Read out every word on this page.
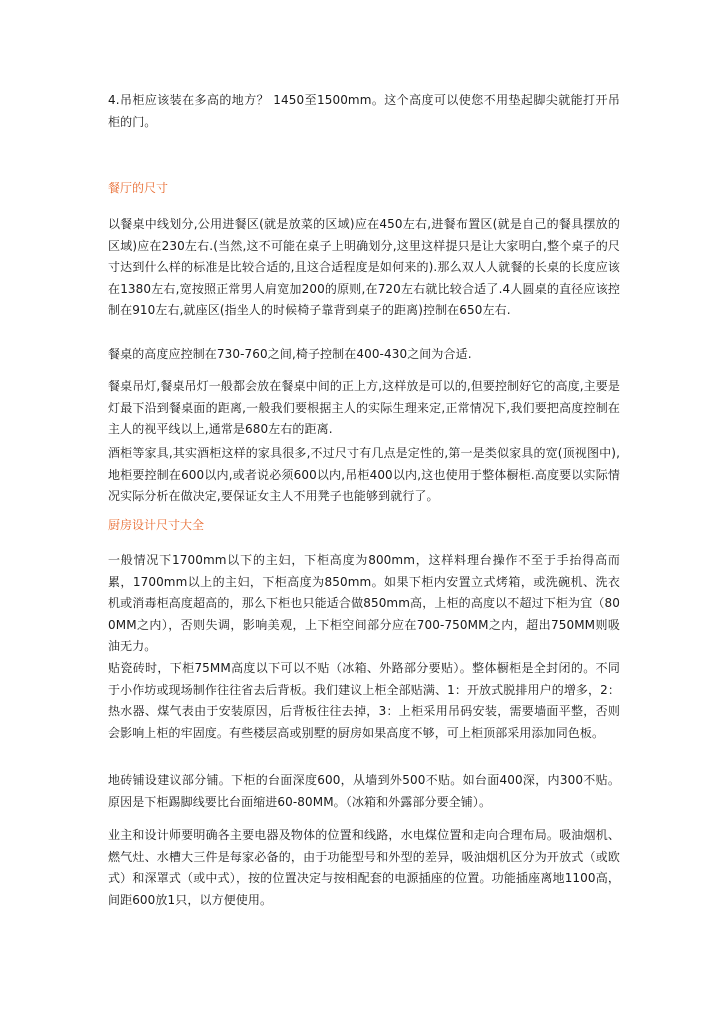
4.吊柜应该装在多高的地方？ 1450至1500mm。这个高度可以使您不用垫起脚尖就能打开吊柜的门。

餐厅的尺寸

以餐桌中线划分,公用进餐区(就是放菜的区域)应在450左右,进餐布置区(就是自己的餐具摆放的区域)应在230左右.(当然,这不可能在桌子上明确划分,这里这样提只是让大家明白,整个桌子的尺寸达到什么样的标准是比较合适的,且这合适程度是如何来的).那么双人人就餐的长桌的长度应该在1380左右,宽按照正常男人肩宽加200的原则,在720左右就比较合适了.4人圆桌的直径应该控制在910左右,就座区(指坐人的时候椅子靠背到桌子的距离)控制在650左右.

餐桌的高度应控制在730-760之间,椅子控制在400-430之间为合适.

餐桌吊灯,餐桌吊灯一般都会放在餐桌中间的正上方,这样放是可以的,但要控制好它的高度,主要是灯最下沿到餐桌面的距离,一般我们要根据主人的实际生理来定,正常情况下,我们要把高度控制在主人的视平线以上,通常是680左右的距离.

酒柜等家具,其实酒柜这样的家具很多,不过尺寸有几点是定性的,第一是类似家具的宽(顶视图中),地柜要控制在600以内,或者说必须600以内,吊柜400以内,这也使用于整体橱柜.高度要以实际情况实际分析在做决定,要保证女主人不用凳子也能够到就行了。

厨房设计尺寸大全

一般情况下1700mm以下的主妇，下柜高度为800mm，这样料理台操作不至于手抬得高而累，1700mm以上的主妇，下柜高度为850mm。如果下柜内安置立式烤箱，或洗碗机、洗衣机或消毒柜高度超高的，那么下柜也只能适合做850mm高，上柜的高度以不超过下柜为宜（800MM之内），否则失调，影响美观，上下柜空间部分应在700-750MM之内，超出750MM则吸油无力。

贴瓷砖时，下柜75MM高度以下可以不贴（冰箱、外路部分要贴）。整体橱柜是全封闭的。不同于小作坊或现场制作往往省去后背板。我们建议上柜全部贴满、1：开放式脱排用户的增多，2：热水器、煤气表由于安装原因，后背板往往去掉，3：上柜采用吊码安装，需要墙面平整，否则会影响上柜的牢固度。有些楼层高或别墅的厨房如果高度不够，可上柜顶部采用添加同色板。

地砖铺设建议部分铺。下柜的台面深度600，从墙到外500不贴。如台面400深，内300不贴。原因是下柜踢脚线要比台面缩进60-80MM。（冰箱和外露部分要全铺）。

业主和设计师要明确各主要电器及物体的位置和线路，水电煤位置和走向合理布局。吸油烟机、燃气灶、水槽大三件是每家必备的，由于功能型号和外型的差异，吸油烟机区分为开放式（或欧式）和深罩式（或中式），按的位置决定与按相配套的电源插座的位置。功能插座离地1100高，间距600放1只，以方便使用。
